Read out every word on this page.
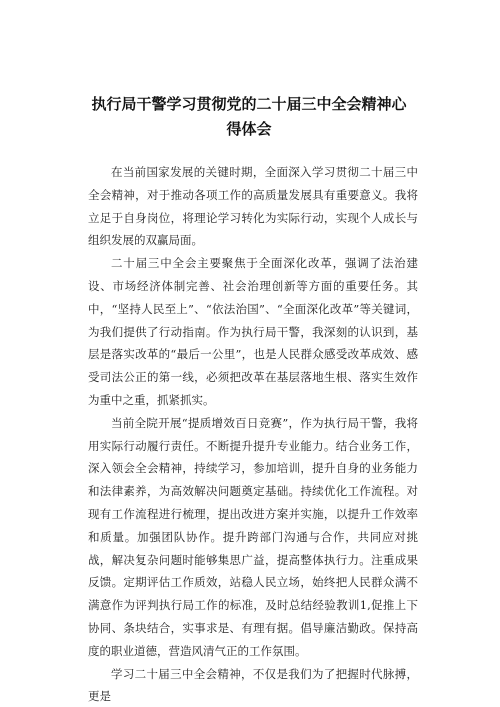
执行局干警学习贯彻党的二十届三中全会精神心得体会

在当前国家发展的关键时期，全面深入学习贯彻二十届三中全会精神，对于推动各项工作的高质量发展具有重要意义。我将立足于自身岗位，将理论学习转化为实际行动，实现个人成长与组织发展的双赢局面。

二十届三中全会主要聚焦于全面深化改革，强调了法治建设、市场经济体制完善、社会治理创新等方面的重要任务。其中，“坚持人民至上”、“依法治国”、“全面深化改革”等关键词，为我们提供了行动指南。作为执行局干警，我深刻的认识到，基层是落实改革的“最后一公里”，也是人民群众感受改革成效、感受司法公正的第一线，必须把改革在基层落地生根、落实生效作为重中之重，抓紧抓实。

当前全院开展“提质增效百日竞赛”，作为执行局干警，我将用实际行动履行责任。不断提升提升专业能力。结合业务工作，深入领会全会精神，持续学习，参加培训，提升自身的业务能力和法律素养，为高效解决问题奠定基础。持续优化工作流程。对现有工作流程进行梳理，提出改进方案并实施，以提升工作效率和质量。加强团队协作。提升跨部门沟通与合作，共同应对挑战，解决复杂问题时能够集思广益，提高整体执行力。注重成果反馈。定期评估工作质效，站稳人民立场，始终把人民群众满不满意作为评判执行局工作的标准，及时总结经验教训1,促推上下协同、条块结合，实事求是、有理有据。倡导廉洁勤政。保持高度的职业道德，营造风清气正的工作氛围。

学习二十届三中全会精神，不仅是我们为了把握时代脉搏，更是
